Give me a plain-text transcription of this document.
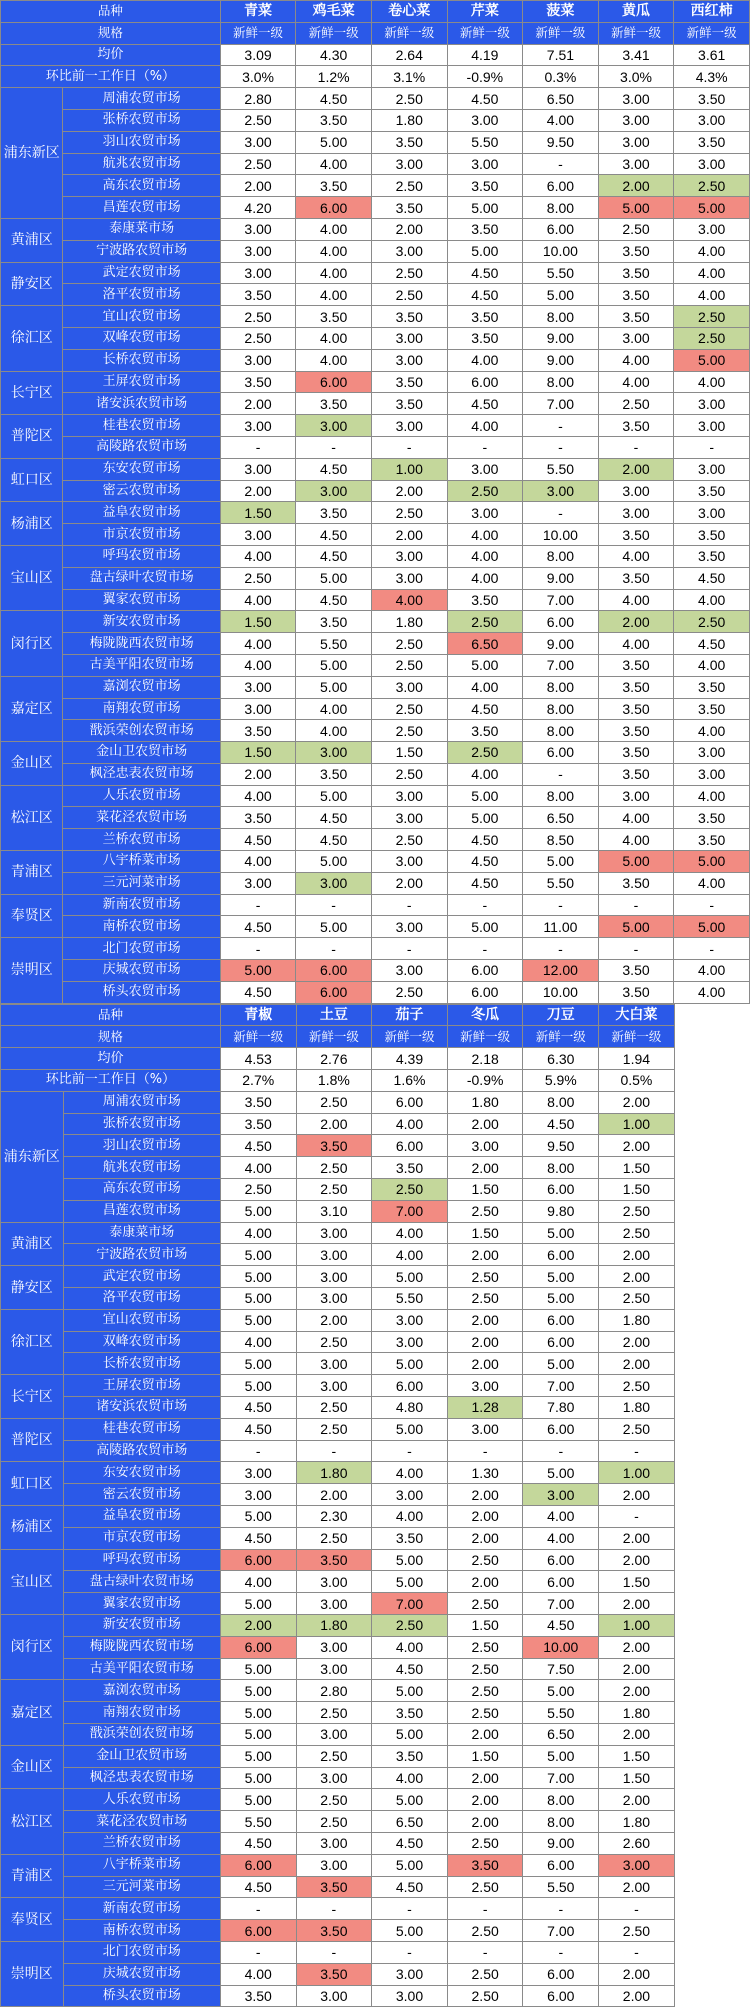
品种		青菜	鸡毛菜	卷心菜	芹菜	菠菜	黄瓜	西红柿
规格		新鲜一级	新鲜一级	新鲜一级	新鲜一级	新鲜一级	新鲜一级	新鲜一级
均价		3.09	4.30	2.64	4.19	7.51	3.41	3.61
环比前一工作日（%）		3.0%	1.2%	3.1%	-0.9%	0.3%	3.0%	4.3%
浦东新区	周浦农贸市场	2.80	4.50	2.50	4.50	6.50	3.00	3.50
	张桥农贸市场	2.50	3.50	1.80	3.00	4.00	3.00	3.00
	羽山农贸市场	3.00	5.00	3.50	5.50	9.50	3.00	3.50
	航兆农贸市场	2.50	4.00	3.00	3.00	-	3.00	3.00
	高东农贸市场	2.00	3.50	2.50	3.50	6.00	2.00	2.50
	昌莲农贸市场	4.20	6.00	3.50	5.00	8.00	5.00	5.00
黄浦区	泰康菜市场	3.00	4.00	2.00	3.50	6.00	2.50	3.00
	宁波路农贸市场	3.00	4.00	3.00	5.00	10.00	3.50	4.00
静安区	武定农贸市场	3.00	4.00	2.50	4.50	5.50	3.50	4.00
	洛平农贸市场	3.50	4.00	2.50	4.50	5.00	3.50	4.00
徐汇区	宜山农贸市场	2.50	3.50	3.50	3.50	8.00	3.50	2.50
	双峰农贸市场	2.50	4.00	3.00	3.50	9.00	3.00	2.50
	长桥农贸市场	3.00	4.00	3.00	4.00	9.00	4.00	5.00
长宁区	王屏农贸市场	3.50	6.00	3.50	6.00	8.00	4.00	4.00
	诸安浜农贸市场	2.00	3.50	3.50	4.50	7.00	2.50	3.00
普陀区	桂巷农贸市场	3.00	3.00	3.00	4.00	-	3.50	3.00
	高陵路农贸市场	-	-	-	-	-	-	-
虹口区	东安农贸市场	3.00	4.50	1.00	3.00	5.50	2.00	3.00
	密云农贸市场	2.00	3.00	2.00	2.50	3.00	3.00	3.50
杨浦区	益阜农贸市场	1.50	3.50	2.50	3.00	-	3.00	3.00
	市京农贸市场	3.00	4.50	2.00	4.00	10.00	3.50	3.50
宝山区	呼玛农贸市场	4.00	4.50	3.00	4.00	8.00	4.00	3.50
	盘古绿叶农贸市场	2.50	5.00	3.00	4.00	9.00	3.50	4.50
	翼家农贸市场	4.00	4.50	4.00	3.50	7.00	4.00	4.00
闵行区	新安农贸市场	1.50	3.50	1.80	2.50	6.00	2.00	2.50
	梅陇陇西农贸市场	4.00	5.50	2.50	6.50	9.00	4.00	4.50
	古美平阳农贸市场	4.00	5.00	2.50	5.00	7.00	3.50	4.00
嘉定区	嘉浏农贸市场	3.00	5.00	3.00	4.00	8.00	3.50	3.50
	南翔农贸市场	3.00	4.00	2.50	4.50	8.00	3.50	3.50
	戬浜荣创农贸市场	3.50	4.00	2.50	3.50	8.00	3.50	4.00
金山区	金山卫农贸市场	1.50	3.00	1.50	2.50	6.00	3.50	3.00
	枫泾忠表农贸市场	2.00	3.50	2.50	4.00	-	3.50	3.00
松江区	人乐农贸市场	4.00	5.00	3.00	5.00	8.00	3.00	4.00
	菜花泾农贸市场	3.50	4.50	3.00	5.00	6.50	4.00	3.50
	兰桥农贸市场	4.50	4.50	2.50	4.50	8.50	4.00	3.50
青浦区	八宇桥菜市场	4.00	5.00	3.00	4.50	5.00	5.00	5.00
	三元河菜市场	3.00	3.00	2.00	4.50	5.50	3.50	4.00
奉贤区	新南农贸市场	-	-	-	-	-	-	-
	南桥农贸市场	4.50	5.00	3.00	5.00	11.00	5.00	5.00
崇明区	北门农贸市场	-	-	-	-	-	-	-
	庆城农贸市场	5.00	6.00	3.00	6.00	12.00	3.50	4.00
	桥头农贸市场	4.50	6.00	2.50	6.00	10.00	3.50	4.00
品种		青椒	土豆	茄子	冬瓜	刀豆	大白菜	
规格		新鲜一级	新鲜一级	新鲜一级	新鲜一级	新鲜一级	新鲜一级	
均价		4.53	2.76	4.39	2.18	6.30	1.94	
环比前一工作日（%）		2.7%	1.8%	1.6%	-0.9%	5.9%	0.5%	
浦东新区	周浦农贸市场	3.50	2.50	6.00	1.80	8.00	2.00	
	张桥农贸市场	3.50	2.00	4.00	2.00	4.50	1.00	
	羽山农贸市场	4.50	3.50	6.00	3.00	9.50	2.00	
	航兆农贸市场	4.00	2.50	3.50	2.00	8.00	1.50	
	高东农贸市场	2.50	2.50	2.50	1.50	6.00	1.50	
	昌莲农贸市场	5.00	3.10	7.00	2.50	9.80	2.50	
黄浦区	泰康菜市场	4.00	3.00	4.00	1.50	5.00	2.50	
	宁波路农贸市场	5.00	3.00	4.00	2.00	6.00	2.00	
静安区	武定农贸市场	5.00	3.00	5.00	2.50	5.00	2.00	
	洛平农贸市场	5.00	3.00	5.50	2.50	5.00	2.50	
徐汇区	宜山农贸市场	5.00	2.00	3.00	2.00	6.00	1.80	
	双峰农贸市场	4.00	2.50	3.00	2.00	6.00	2.00	
	长桥农贸市场	5.00	3.00	5.00	2.00	5.00	2.00	
长宁区	王屏农贸市场	5.00	3.00	6.00	3.00	7.00	2.50	
	诸安浜农贸市场	4.50	2.50	4.80	1.28	7.80	1.80	
普陀区	桂巷农贸市场	4.50	2.50	5.00	3.00	6.00	2.50	
	高陵路农贸市场	-	-	-	-	-	-	
虹口区	东安农贸市场	3.00	1.80	4.00	1.30	5.00	1.00	
	密云农贸市场	3.00	2.00	3.00	2.00	3.00	2.00	
杨浦区	益阜农贸市场	5.00	2.30	4.00	2.00	4.00	-	
	市京农贸市场	4.50	2.50	3.50	2.00	4.00	2.00	
宝山区	呼玛农贸市场	6.00	3.50	5.00	2.50	6.00	2.00	
	盘古绿叶农贸市场	4.00	3.00	5.00	2.00	6.00	1.50	
	翼家农贸市场	5.00	3.00	7.00	2.50	7.00	2.00	
闵行区	新安农贸市场	2.00	1.80	2.50	1.50	4.50	1.00	
	梅陇陇西农贸市场	6.00	3.00	4.00	2.50	10.00	2.00	
	古美平阳农贸市场	5.00	3.00	4.50	2.50	7.50	2.00	
嘉定区	嘉浏农贸市场	5.00	2.80	5.00	2.50	5.00	2.00	
	南翔农贸市场	5.00	2.50	3.50	2.50	5.50	1.80	
	戬浜荣创农贸市场	5.00	3.00	5.00	2.00	6.50	2.00	
金山区	金山卫农贸市场	5.00	2.50	3.50	1.50	5.00	1.50	
	枫泾忠表农贸市场	5.00	3.00	4.00	2.00	7.00	1.50	
松江区	人乐农贸市场	5.00	2.50	5.00	2.00	8.00	2.00	
	菜花泾农贸市场	5.50	2.50	6.50	2.00	8.00	1.80	
	兰桥农贸市场	4.50	3.00	4.50	2.50	9.00	2.60	
青浦区	八宇桥菜市场	6.00	3.00	5.00	3.50	6.00	3.00	
	三元河菜市场	4.50	3.50	4.50	2.50	5.50	2.00	
奉贤区	新南农贸市场	-	-	-	-	-	-	
	南桥农贸市场	6.00	3.50	5.00	2.50	7.00	2.50	
崇明区	北门农贸市场	-	-	-	-	-	-	
	庆城农贸市场	4.00	3.50	3.00	2.50	6.00	2.00	
	桥头农贸市场	3.50	3.00	3.00	2.50	6.00	2.00	
